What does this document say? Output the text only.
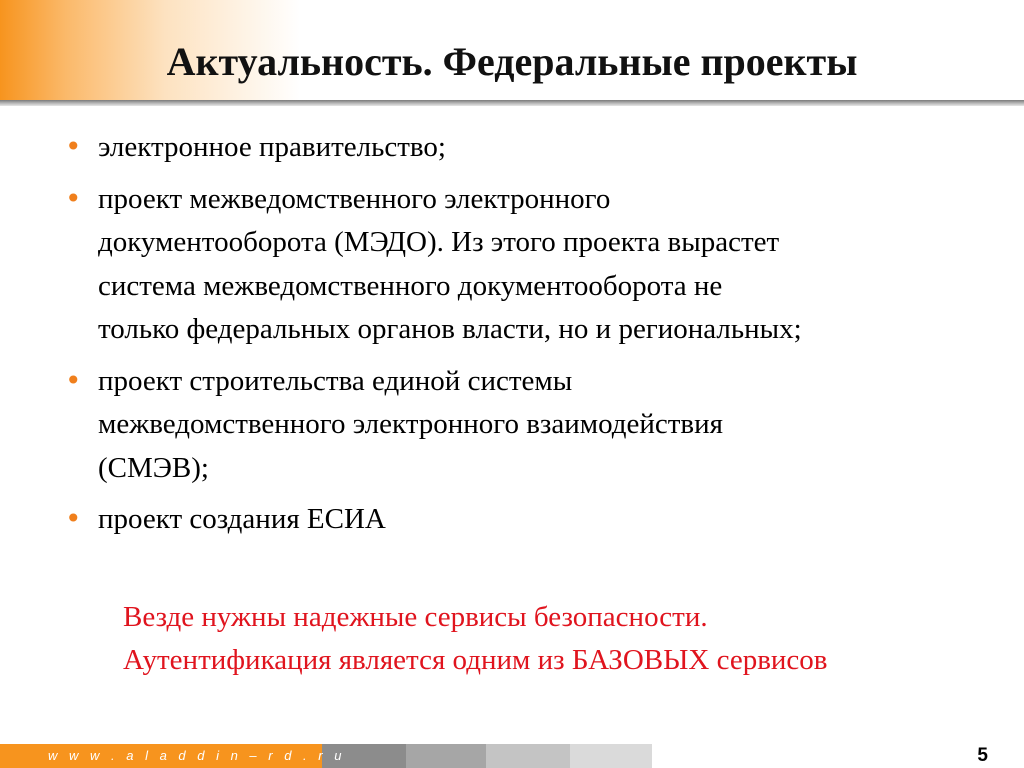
Актуальность. Федеральные проекты
• электронное правительство;
• проект межведомственного электронного
документооборота (МЭДО). Из этого проекта вырастет
система межведомственного документооборота не
только федеральных органов власти, но и региональных;
• проект строительства единой системы
межведомственного электронного взаимодействия
(СМЭВ);
• проект создания ЕСИА
Везде нужны надежные сервисы безопасности.
Аутентификация является одним из БАЗОВЫХ сервисов
w w w . a l a d d i n – r d . r u	5
